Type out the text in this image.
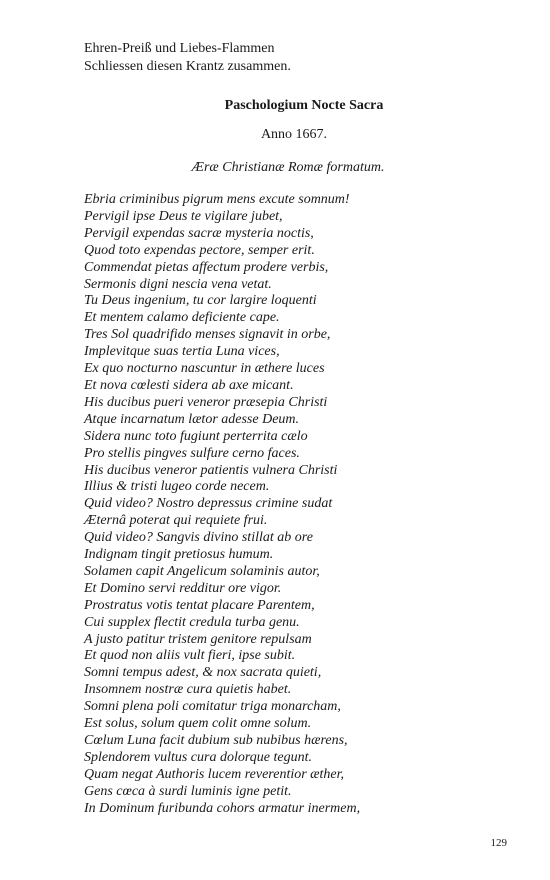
Ehren-Preiß und Liebes-Flammen
Schliessen diesen Krantz zusammen.
Paschologium Nocte Sacra
Anno 1667.
Æræ Christianæ Romæ formatum.
Ebria criminibus pigrum mens excute somnum!
Pervigil ipse Deus te vigilare jubet,
Pervigil expendas sacræ mysteria noctis,
Quod toto expendas pectore, semper erit.
Commendat pietas affectum prodere verbis,
Sermonis digni nescia vena vetat.
Tu Deus ingenium, tu cor largire loquenti
Et mentem calamo deficiente cape.
Tres Sol quadrifido menses signavit in orbe,
Implevitque suas tertia Luna vices,
Ex quo nocturno nascuntur in æthere luces
Et nova cœlesti sidera ab axe micant.
His ducibus pueri veneror præsepia Christi
Atque incarnatum lætor adesse Deum.
Sidera nunc toto fugiunt perterrita cælo
Pro stellis pingves sulfure cerno faces.
His ducibus veneror patientis vulnera Christi
Illius & tristi lugeo corde necem.
Quid video? Nostro depressus crimine sudat
Æternâ poterat qui requiete frui.
Quid video? Sangvis divino stillat ab ore
Indignam tingit pretiosus humum.
Solamen capit Angelicum solaminis autor,
Et Domino servi redditur ore vigor.
Prostratus votis tentat placare Parentem,
Cui supplex flectit credula turba genu.
A justo patitur tristem genitore repulsam
Et quod non aliis vult fieri, ipse subit.
Somni tempus adest, & nox sacrata quieti,
Insomnem nostræ cura quietis habet.
Somni plena poli comitatur triga monarcham,
Est solus, solum quem colit omne solum.
Cœlum Luna facit dubium sub nubibus hærens,
Splendorem vultus cura dolorque tegunt.
Quam negat Authoris lucem reverentior æther,
Gens cœca à surdi luminis igne petit.
In Dominum furibunda cohors armatur inermem,
129
